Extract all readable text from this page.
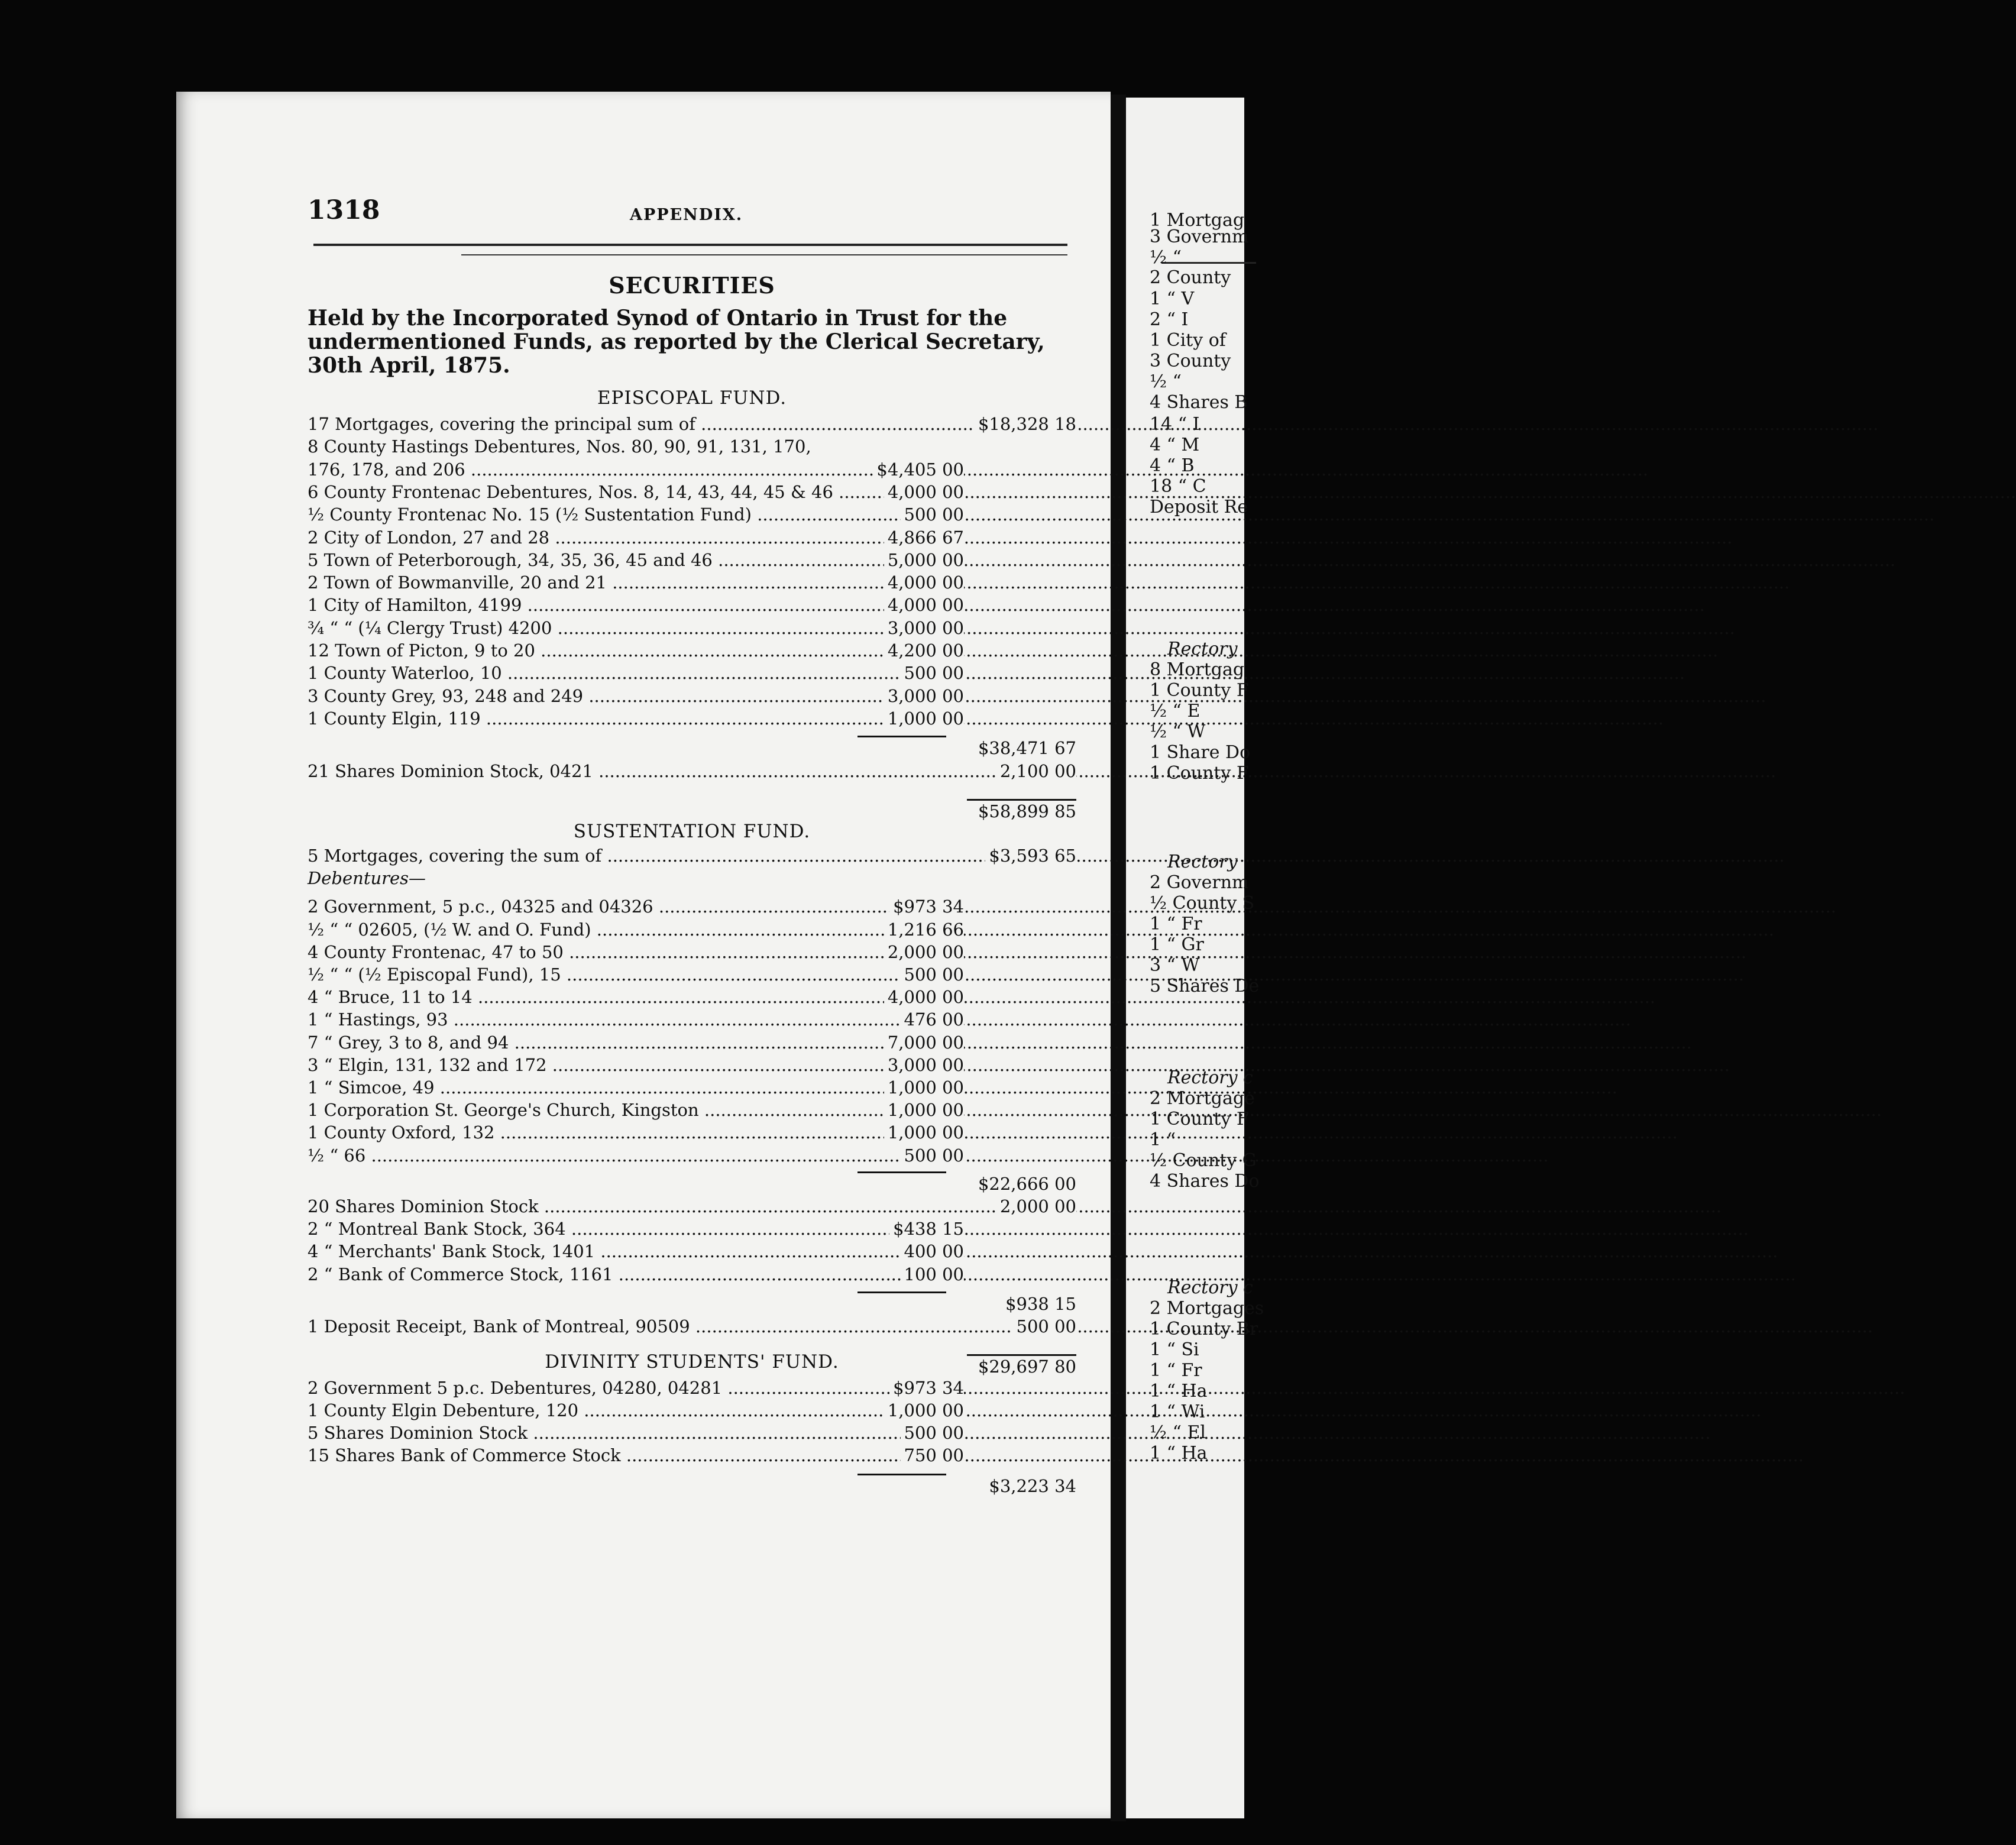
1 Mortgag
3 Governm
½ “
2 County
1 “ V
2 “ I
1 City of
3 County
½ “
4 Shares B
14 “ I
4 “ M
4 “ B
18 “ C
Deposit Re
Rectory
8 Mortgag
1 County F
½ “ E
½ “ W
1 Share Do
1 County F
Rectory
2 Governm
½ County S
1 “ Fr
1 “ Gr
3 “ W
5 Shares De
Rectory c
2 Mortgage
1 County F
1 “
½ County G
4 Shares Do
Rectory c
2 Mortgages
1 County Br
1 “ Si
1 “ Fr
1 “ Ha
1 “ Wi
½ “ El
1 “ Ha
1318	APPENDIX.
SECURITIES
Held by the Incorporated Synod of Ontario in Trust for the undermentioned Funds, as reported by the Clerical Secretary, 30th April, 1875.
EPISCOPAL FUND.
17 Mortgages, covering the principal sum of .....	$18,328 18
8 County Hastings Debentures, Nos. 80, 90, 91, 131, 170,
176, 178, and 206 .....	$4,405 00
6 County Frontenac Debentures, Nos. 8, 14, 43, 44, 45 & 46 .....	4,000 00
½ County Frontenac No. 15 (½ Sustentation Fund) .....	500 00
2 City of London, 27 and 28 .....	4,866 67
5 Town of Peterborough, 34, 35, 36, 45 and 46 .....	5,000 00
2 Town of Bowmanville, 20 and 21 .....	4,000 00
1 City of Hamilton, 4199 .....	4,000 00
¾ “ “ (¼ Clergy Trust) 4200 .....	3,000 00
12 Town of Picton, 9 to 20 .....	4,200 00
1 County Waterloo, 10 .....	500 00
3 County Grey, 93, 248 and 249 .....	3,000 00
1 County Elgin, 119 .....	1,000 00
$38,471 67
21 Shares Dominion Stock, 0421 .....	2,100 00
$58,899 85
SUSTENTATION FUND.
5 Mortgages, covering the sum of .....	$3,593 65
Debentures—
2 Government, 5 p.c., 04325 and 04326 .....	$973 34
½ “ “ 02605, (½ W. and O. Fund) .....	1,216 66
4 County Frontenac, 47 to 50 .....	2,000 00
½ “ “ (½ Episcopal Fund), 15 .....	500 00
4 “ Bruce, 11 to 14 .....	4,000 00
1 “ Hastings, 93 .....	476 00
7 “ Grey, 3 to 8, and 94 .....	7,000 00
3 “ Elgin, 131, 132 and 172 .....	3,000 00
1 “ Simcoe, 49 .....	1,000 00
1 Corporation St. George's Church, Kingston .....	1,000 00
1 County Oxford, 132 .....	1,000 00
½ “ 66 .....	500 00
$22,666 00
20 Shares Dominion Stock .....	2,000 00
2 “ Montreal Bank Stock, 364 .....	$438 15
4 “ Merchants' Bank Stock, 1401 .....	400 00
2 “ Bank of Commerce Stock, 1161 .....	100 00
$938 15
1 Deposit Receipt, Bank of Montreal, 90509 .....	500 00
$29,697 80
DIVINITY STUDENTS' FUND.
2 Government 5 p.c. Debentures, 04280, 04281 .....	$973 34
1 County Elgin Debenture, 120 .....	1,000 00
5 Shares Dominion Stock .....	500 00
15 Shares Bank of Commerce Stock .....	750 00
$3,223 34
